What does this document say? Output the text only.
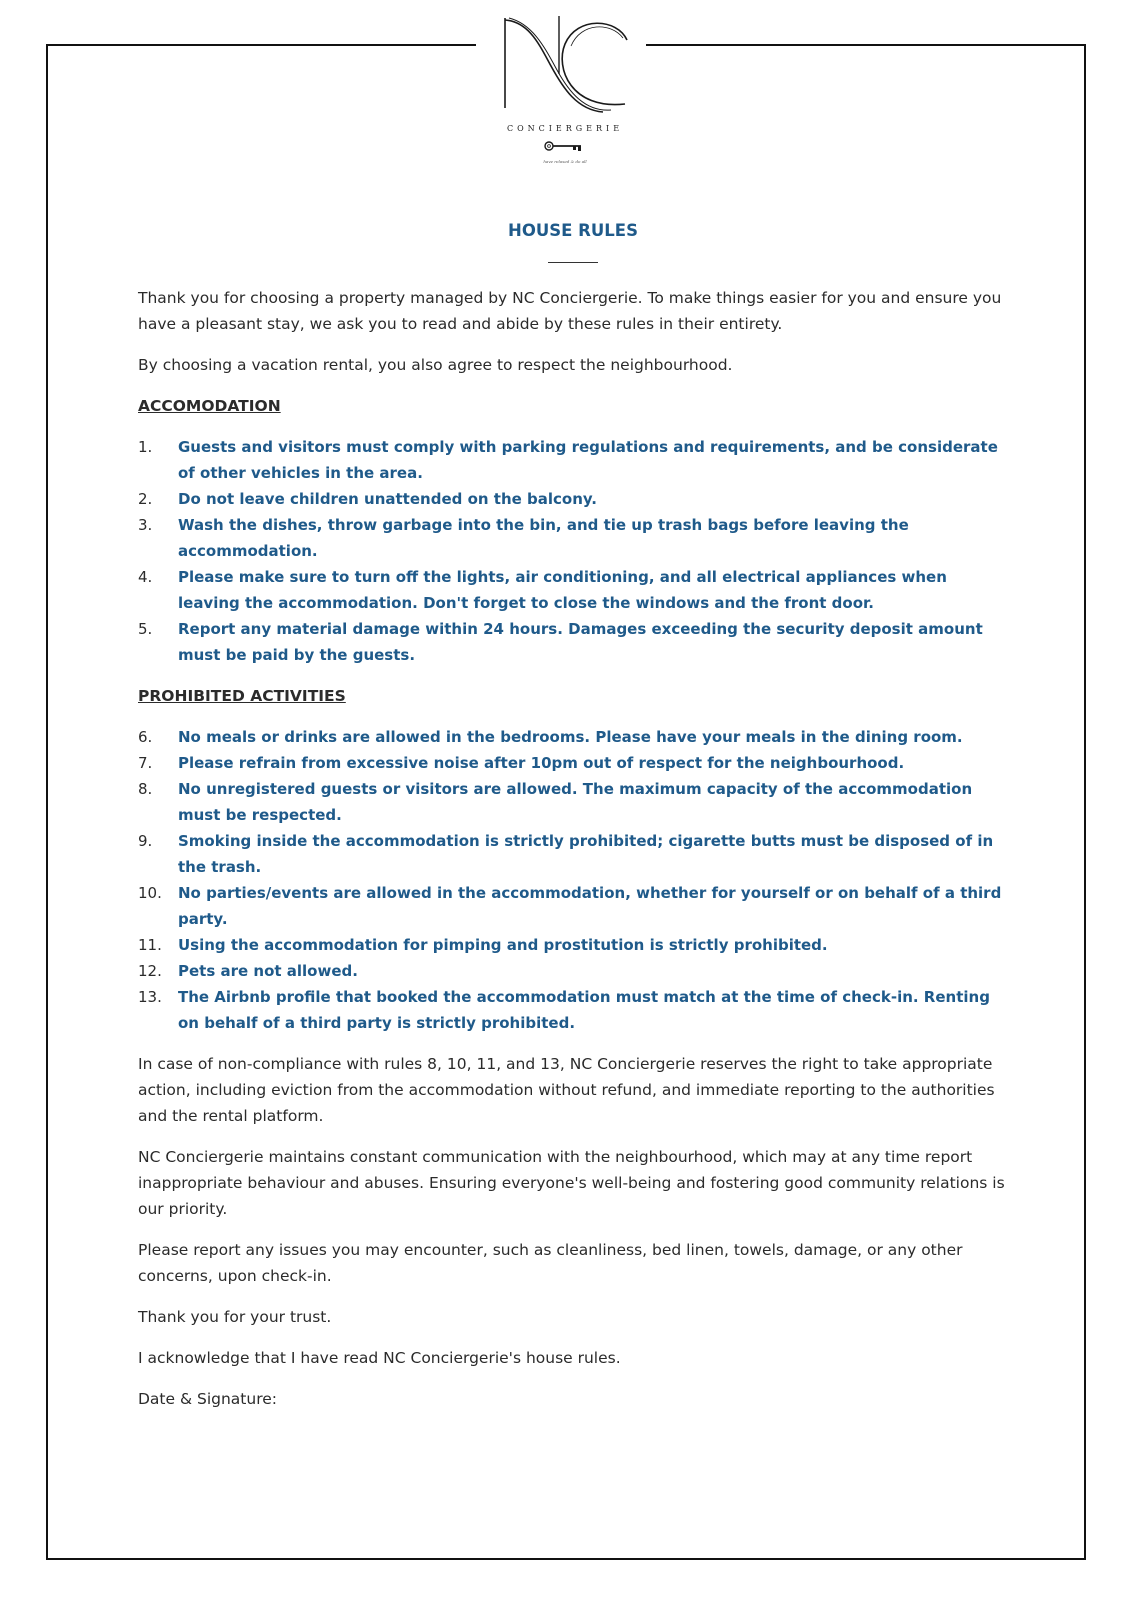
CONCIERGERIE
have relaxed & do all
HOUSE RULES

Thank you for choosing a property managed by NC Conciergerie. To make things easier for you and ensure you have a pleasant stay, we ask you to read and abide by these rules in their entirety.

By choosing a vacation rental, you also agree to respect the neighbourhood.

ACCOMODATION
1.	Guests and visitors must comply with parking regulations and requirements, and be considerate of other vehicles in the area.
2.	Do not leave children unattended on the balcony.
3.	Wash the dishes, throw garbage into the bin, and tie up trash bags before leaving the accommodation.
4.	Please make sure to turn off the lights, air conditioning, and all electrical appliances when leaving the accommodation. Don't forget to close the windows and the front door.
5.	Report any material damage within 24 hours. Damages exceeding the security deposit amount must be paid by the guests.
PROHIBITED ACTIVITIES
6.	No meals or drinks are allowed in the bedrooms. Please have your meals in the dining room.
7.	Please refrain from excessive noise after 10pm out of respect for the neighbourhood.
8.	No unregistered guests or visitors are allowed. The maximum capacity of the accommodation must be respected.
9.	Smoking inside the accommodation is strictly prohibited; cigarette butts must be disposed of in the trash.
10.	No parties/events are allowed in the accommodation, whether for yourself or on behalf of a third party.
11.	Using the accommodation for pimping and prostitution is strictly prohibited.
12.	Pets are not allowed.
13.	The Airbnb profile that booked the accommodation must match at the time of check-in. Renting on behalf of a third party is strictly prohibited.

In case of non-compliance with rules 8, 10, 11, and 13, NC Conciergerie reserves the right to take appropriate action, including eviction from the accommodation without refund, and immediate reporting to the authorities and the rental platform.

NC Conciergerie maintains constant communication with the neighbourhood, which may at any time report inappropriate behaviour and abuses. Ensuring everyone's well-being and fostering good community relations is our priority.

Please report any issues you may encounter, such as cleanliness, bed linen, towels, damage, or any other concerns, upon check-in.

Thank you for your trust.

I acknowledge that I have read NC Conciergerie's house rules.

Date & Signature:
